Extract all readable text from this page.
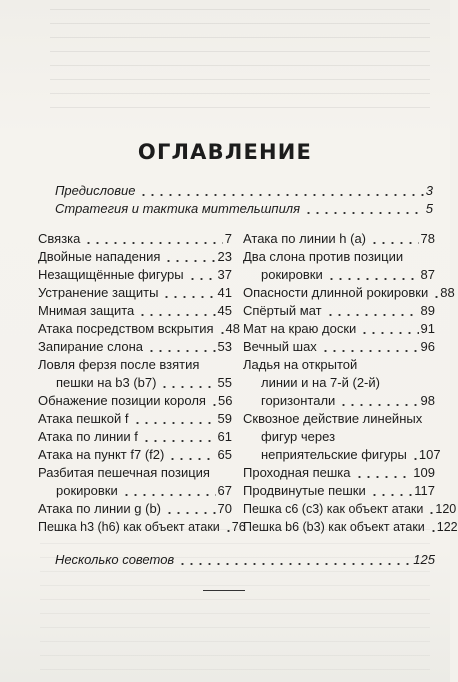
ОГЛАВЛЕНИЕ
Предисловие	3
Стратегия и тактика миттельшпиля	5
Связка	7
Двойные нападения	23
Незащищённые фигуры	37
Устранение защиты	41
Мнимая защита	45
Атака посредством вскрытия 48
Запирание слона	53
Ловля ферзя после взятия
пешки на b3 (b7)	55
Обнажение позиции короля 56
Атака пешкой f	59
Атака по линии f	61
Атака на пункт f7 (f2)	65
Разбитая пешечная позиция
рокировки	67
Атака по линии g (b)	70
Пешка h3 (h6) как объект атаки 76
Атака по линии h (a)	78
Два слона против позиции
рокировки	87
Опасности длинной рокировки 88
Спёртый мат	89
Мат на краю доски	91
Вечный шах	96
Ладья на открытой
линии и на 7-й (2-й)
горизонтали	98
Сквозное действие линейных
фигур через
неприятельские фигуры 107
Проходная пешка	109
Продвинутые пешки	117
Пешка c6 (c3) как объект атаки 120
Пешка b6 (b3) как объект атаки 122
Несколько советов	125
